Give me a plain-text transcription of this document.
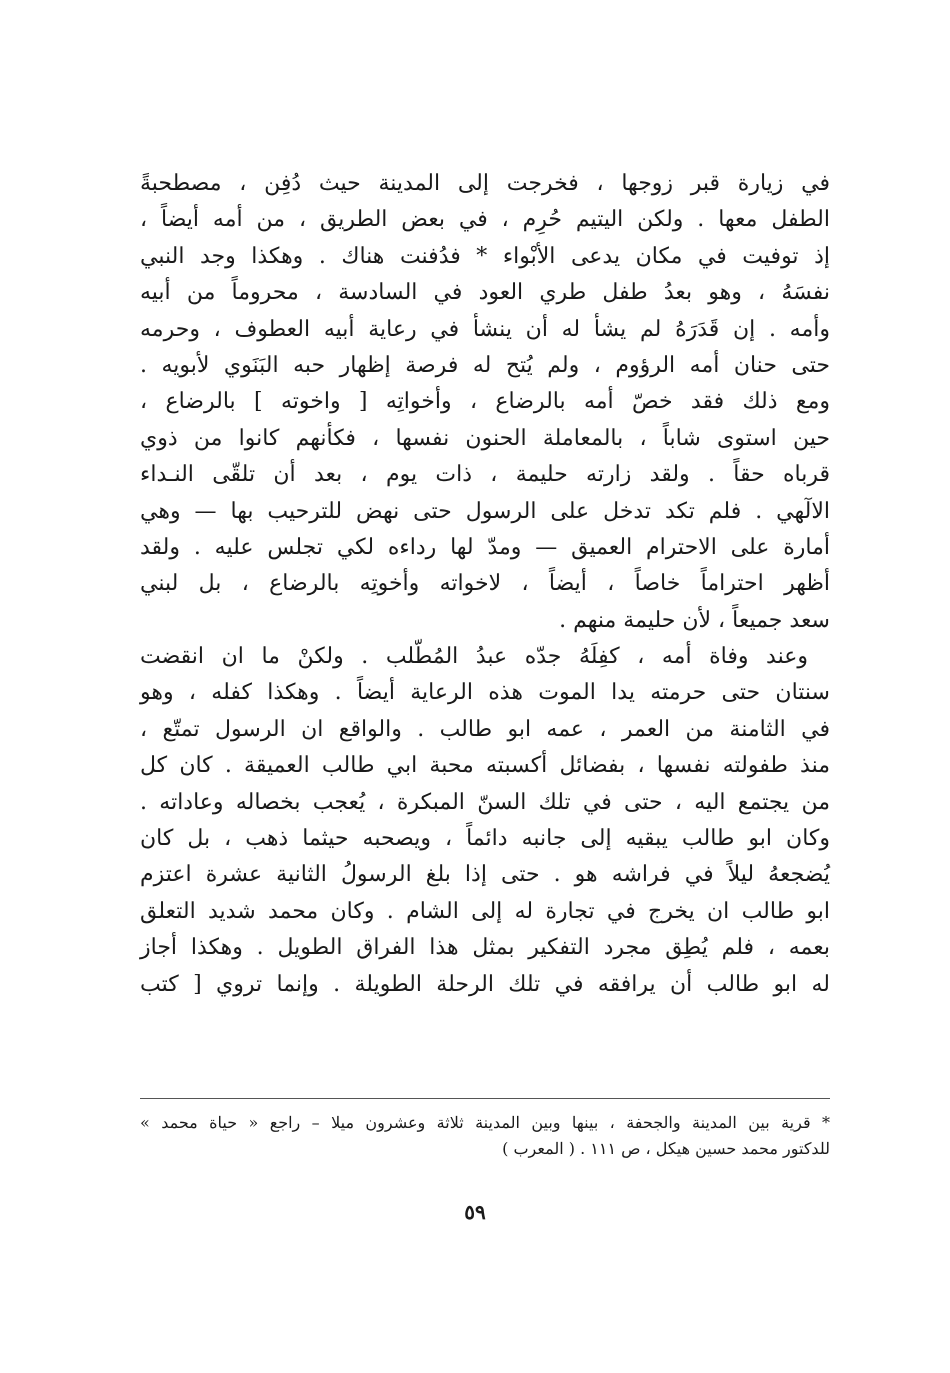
في زيارة قبر زوجها ، فخرجت إلى المدينة حيث دُفِن ، مصطحبةً
الطفل معها . ولكن اليتيم حُرِم ، في بعض الطريق ، من أمه أيضاً ،
إذ توفيت في مكان يدعى الأبْواء * فدُفنت هناك . وهكذا وجد النبي
نفسَهُ ، وهو بعدُ طفل طري العود في السادسة ، محروماً من أبيه
وأمه . إن قَدَرَهُ لم يشأ له أن ينشأ في رعاية أبيه العطوف ، وحرمه
حتى حنان أمه الرؤوم ، ولم يُتح له فرصة إظهار حبه البَنَوي لأبويه .
ومع ذلك فقد خصّ أمه بالرضاع ، وأخواتِه [ واخوته ] بالرضاع ،
حين استوى شاباً ، بالمعاملة الحنون نفسها ، فكأنهم كانوا من ذوي
قرباه حقاً . ولقد زارته حليمة ، ذات يوم ، بعد أن تلقّى النـداء
الالٓهي . فلم تكد تدخل على الرسول حتى نهض للترحيب بها — وهي
أمارة على الاحترام العميق — ومدّ لها رداءه لكي تجلس عليه . ولقد
أظهر احتراماً خاصاً ، أيضاً ، لاخواته وأخوتِه بالرضاع ، بل لبني
سعد جميعاً ، لأن حليمة منهم .
وعند وفاة أمه ، كفِلَهُ جدّه عبدُ المُطّلب . ولكنْ ما ان انقضت
سنتان حتى حرمته يدا الموت هذه الرعاية أيضاً . وهكذا كفله ، وهو
في الثامنة من العمر ، عمه ابو طالب . والواقع ان الرسول تمتّع ،
منذ طفولته نفسها ، بفضائل أكسبته محبة ابي طالب العميقة . كان كل
من يجتمع اليه ، حتى في تلك السنّ المبكرة ، يُعجب بخصاله وعاداته .
وكان ابو طالب يبقيه إلى جانبه دائماً ، ويصحبه حيثما ذهب ، بل كان
يُضجعهُ ليلاً في فراشه هو . حتى إذا بلغ الرسولُ الثانية عشرة اعتزم
ابو طالب ان يخرج في تجارة له إلى الشام . وكان محمد شديد التعلق
بعمه ، فلم يُطِق مجرد التفكير بمثل هذا الفراق الطويل . وهكذا أجاز
له ابو طالب أن يرافقه في تلك الرحلة الطويلة . وإنما تروي [ كتب
* قرية بين المدينة والجحفة ، بينها وبين المدينة ثلاثة وعشرون ميلا – راجع « حياة محمد »
للدكتور محمد حسين هيكل ، ص ١١١ . ( المعرب )
٥٩
